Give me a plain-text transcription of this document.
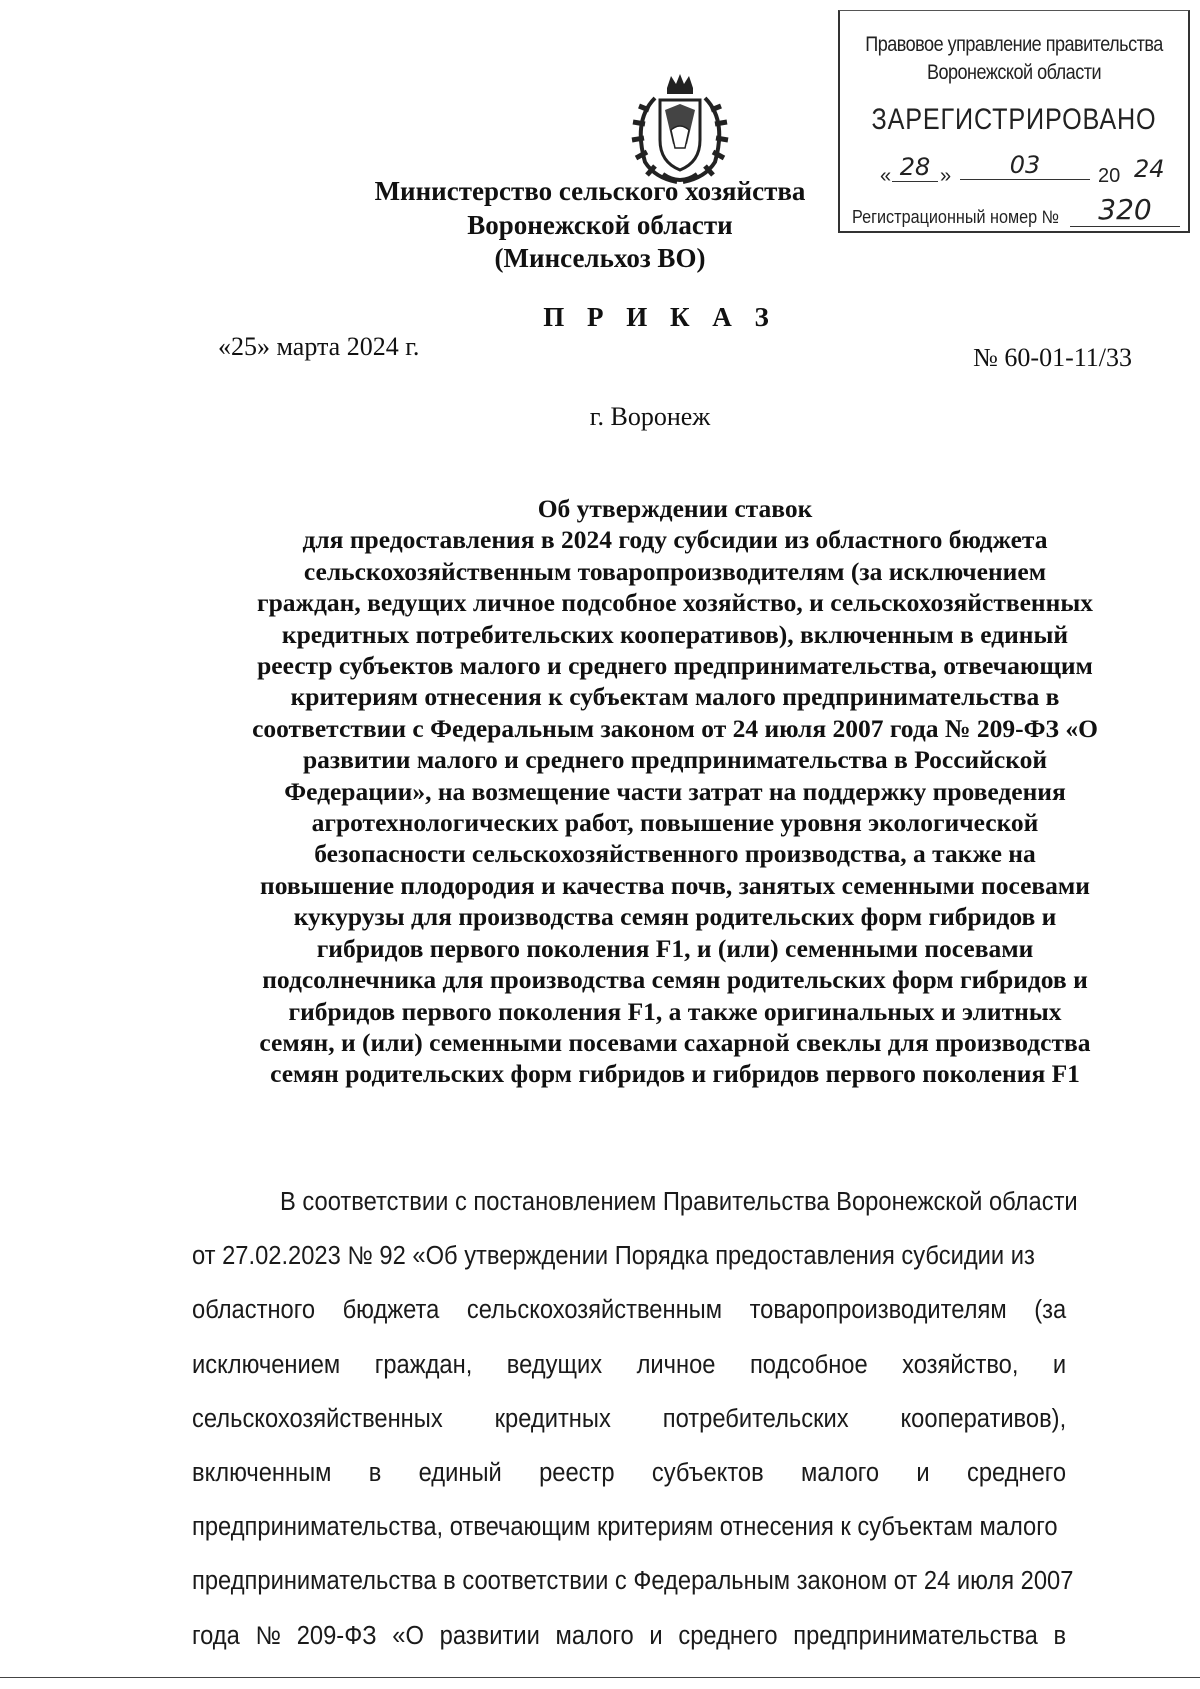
Правовое управление правительства
Воронежской области
ЗАРЕГИСТРИРОВАНО
« 28 »	03	20 24
Регистрационный номер №	320
Министерство сельского хозяйства
Воронежской области
(Минсельхоз ВО)
П Р И К А З
«25» марта 2024 г.	№ 60-01-11/33
г. Воронеж
Об утверждении ставок
для предоставления в 2024 году субсидии из областного бюджета
сельскохозяйственным товаропроизводителям (за исключением
граждан, ведущих личное подсобное хозяйство, и сельскохозяйственных
кредитных потребительских кооперативов), включенным в единый
реестр субъектов малого и среднего предпринимательства, отвечающим
критериям отнесения к субъектам малого предпринимательства в
соответствии с Федеральным законом от 24 июля 2007 года № 209-ФЗ «О
развитии малого и среднего предпринимательства в Российской
Федерации», на возмещение части затрат на поддержку проведения
агротехнологических работ, повышение уровня экологической
безопасности сельскохозяйственного производства, а также на
повышение плодородия и качества почв, занятых семенными посевами
кукурузы для производства семян родительских форм гибридов и
гибридов первого поколения F1, и (или) семенными посевами
подсолнечника для производства семян родительских форм гибридов и
гибридов первого поколения F1, а также оригинальных и элитных
семян, и (или) семенными посевами сахарной свеклы для производства
семян родительских форм гибридов и гибридов первого поколения F1
В соответствии с постановлением Правительства Воронежской области
от 27.02.2023 № 92 «Об утверждении Порядка предоставления субсидии из
областного бюджета сельскохозяйственным товаропроизводителям (за
исключением граждан, ведущих личное подсобное хозяйство, и
сельскохозяйственных кредитных потребительских кооперативов),
включенным в единый реестр субъектов малого и среднего
предпринимательства, отвечающим критериям отнесения к субъектам малого
предпринимательства в соответствии с Федеральным законом от 24 июля 2007
года № 209-ФЗ «О развитии малого и среднего предпринимательства в
